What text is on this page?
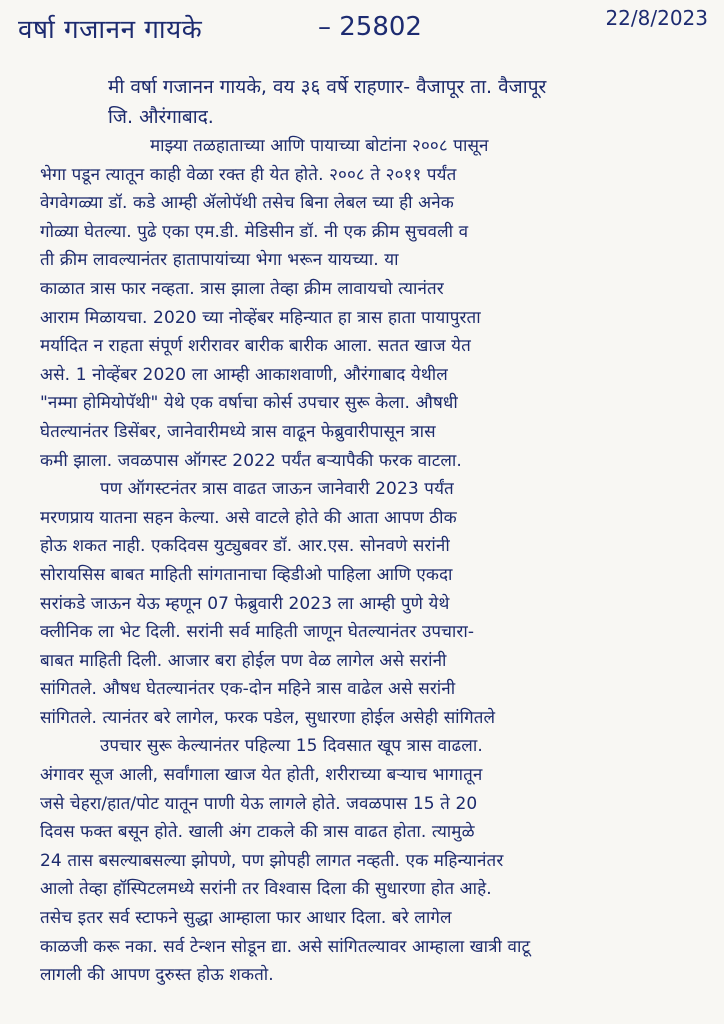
वर्षा गजानन गायके	– 25802	22/8/2023
मी वर्षा गजानन गायके, वय ३६ वर्षे राहणार- वैजापूर ता. वैजापूर
जि. औरंगाबाद.
माझ्या तळहाताच्या आणि पायाच्या बोटांना २००८ पासून
भेगा पडून त्यातून काही वेळा रक्त ही येत होते. २००८ ते २०११ पर्यंत
वेगवेगळ्या डॉ. कडे आम्ही ॲलोपॅथी तसेच बिना लेबल च्या ही अनेक
गोळ्या घेतल्या. पुढे एका एम.डी. मेडिसीन डॉ. नी एक क्रीम सुचवली व
ती क्रीम लावल्यानंतर हातापायांच्या भेगा भरून यायच्या. या
काळात त्रास फार नव्हता. त्रास झाला तेव्हा क्रीम लावायचो त्यानंतर
आराम मिळायचा. 2020 च्या नोव्हेंबर महिन्यात हा त्रास हाता पायापुरता
मर्यादित न राहता संपूर्ण शरीरावर बारीक बारीक आला. सतत खाज येत
असे. 1 नोव्हेंबर 2020 ला आम्ही आकाशवाणी, औरंगाबाद येथील
"नम्मा होमियोपॅथी" येथे एक वर्षाचा कोर्स उपचार सुरू केला. औषधी
घेतल्यानंतर डिसेंबर, जानेवारीमध्ये त्रास वाढून फेब्रुवारीपासून त्रास
कमी झाला. जवळपास ऑगस्ट 2022 पर्यंत बऱ्यापैकी फरक वाटला.
पण ऑगस्टनंतर त्रास वाढत जाऊन जानेवारी 2023 पर्यंत
मरणप्राय यातना सहन केल्या. असे वाटले होते की आता आपण ठीक
होऊ शकत नाही. एकदिवस युट्युबवर डॉ. आर.एस. सोनवणे सरांनी
सोरायसिस बाबत माहिती सांगतानाचा व्हिडीओ पाहिला आणि एकदा
सरांकडे जाऊन येऊ म्हणून 07 फेब्रुवारी 2023 ला आम्ही पुणे येथे
क्लीनिक ला भेट दिली. सरांनी सर्व माहिती जाणून घेतल्यानंतर उपचारा-
बाबत माहिती दिली. आजार बरा होईल पण वेळ लागेल असे सरांनी
सांगितले. औषध घेतल्यानंतर एक-दोन महिने त्रास वाढेल असे सरांनी
सांगितले. त्यानंतर बरे लागेल, फरक पडेल, सुधारणा होईल असेही सांगितले
उपचार सुरू केल्यानंतर पहिल्या 15 दिवसात खूप त्रास वाढला.
अंगावर सूज आली, सर्वांगाला खाज येत होती, शरीराच्या बऱ्याच भागातून
जसे चेहरा/हात/पोट यातून पाणी येऊ लागले होते. जवळपास 15 ते 20
दिवस फक्त बसून होते. खाली अंग टाकले की त्रास वाढत होता. त्यामुळे
24 तास बसल्याबसल्या झोपणे, पण झोपही लागत नव्हती. एक महिन्यानंतर
आलो तेव्हा हॉस्पिटलमध्ये सरांनी तर विश्वास दिला की सुधारणा होत आहे.
तसेच इतर सर्व स्टाफने सुद्धा आम्हाला फार आधार दिला. बरे लागेल
काळजी करू नका. सर्व टेन्शन सोडून द्या. असे सांगितल्यावर आम्हाला खात्री वाटू
लागली की आपण दुरुस्त होऊ शकतो.
